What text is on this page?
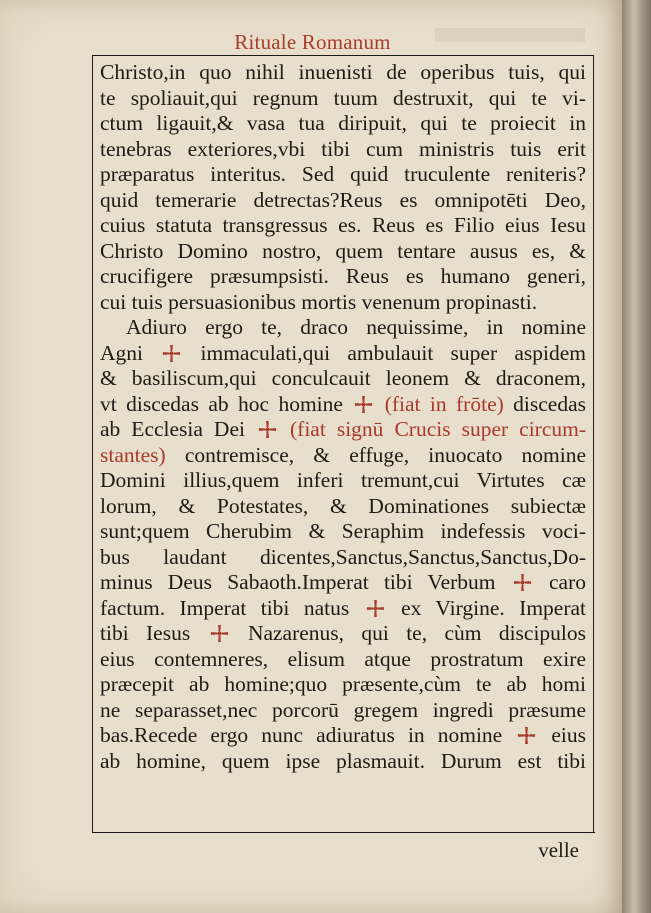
Rituale Romanum
Christo,in quo nihil inuenisti de operibus tuis, qui
te spoliauit,qui regnum tuum destruxit, qui te vi-
ctum ligauit,& vasa tua diripuit, qui te proiecit in
tenebras exteriores,vbi tibi cum ministris tuis erit
præparatus interitus. Sed quid truculente reniteris?
quid temerarie detrectas?Reus es omnipotēti Deo,
cuius statuta transgressus es. Reus es Filio eius Iesu
Christo Domino nostro, quem tentare ausus es, &
crucifigere præsumpsisti. Reus es humano generi,
cui tuis persuasionibus mortis venenum propinasti.
Adiuro ergo te, draco nequissime, in nomine
Agni	immaculati,qui ambulauit super aspidem
& basiliscum,qui conculcauit leonem & draconem,
vt discedas ab hoc homine (fiat in frōte) discedas
ab Ecclesia Dei (fiat signū Crucis super circum-
stantes) contremisce, & effuge, inuocato nomine
Domini illius,quem inferi tremunt,cui Virtutes cæ
lorum, & Potestates, & Dominationes subiectæ
sunt;quem Cherubim & Seraphim indefessis voci-
bus laudant dicentes,Sanctus,Sanctus,Sanctus,Do-
minus Deus Sabaoth.Imperat tibi Verbum caro
factum. Imperat tibi natus ex Virgine. Imperat
tibi Iesus	Nazarenus, qui te, cùm discipulos
eius contemneres, elisum atque prostratum exire
præcepit ab homine;quo præsente,cùm te ab homi
ne separasset,nec porcorū gregem ingredi præsume
bas.Recede ergo nunc adiuratus in nomine eius
ab homine, quem ipse plasmauit. Durum est tibi
velle
